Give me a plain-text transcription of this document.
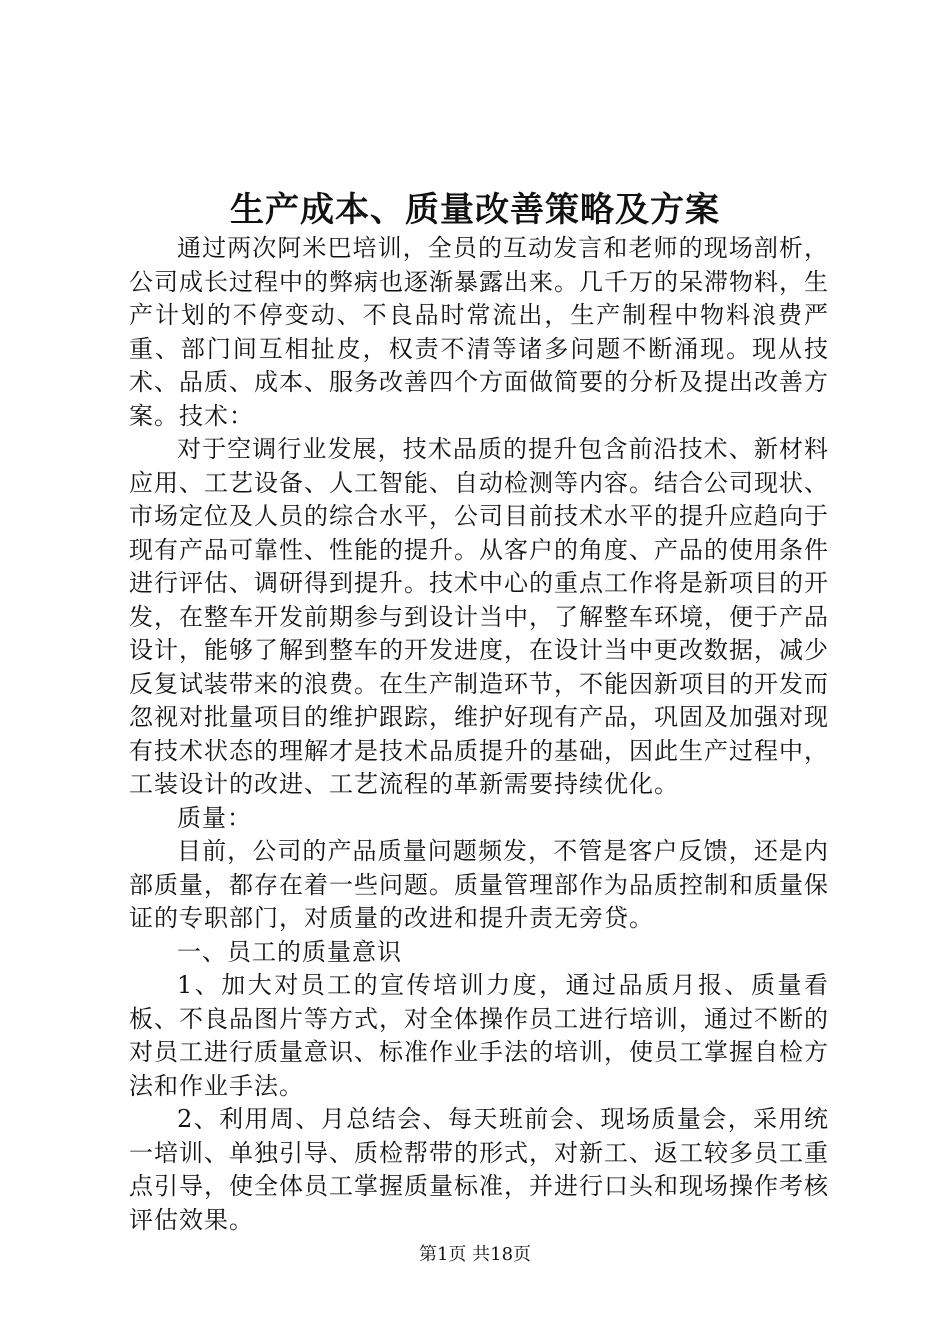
生产成本、质量改善策略及方案

通过两次阿米巴培训，全员的互动发言和老师的现场剖析，公司成长过程中的弊病也逐渐暴露出来。几千万的呆滞物料，生产计划的不停变动、不良品时常流出，生产制程中物料浪费严重、部门间互相扯皮，权责不清等诸多问题不断涌现。现从技术、品质、成本、服务改善四个方面做简要的分析及提出改善方案。技术：

对于空调行业发展，技术品质的提升包含前沿技术、新材料应用、工艺设备、人工智能、自动检测等内容。结合公司现状、市场定位及人员的综合水平，公司目前技术水平的提升应趋向于现有产品可靠性、性能的提升。从客户的角度、产品的使用条件进行评估、调研得到提升。技术中心的重点工作将是新项目的开发，在整车开发前期参与到设计当中，了解整车环境，便于产品设计，能够了解到整车的开发进度，在设计当中更改数据，减少反复试装带来的浪费。在生产制造环节，不能因新项目的开发而忽视对批量项目的维护跟踪，维护好现有产品，巩固及加强对现有技术状态的理解才是技术品质提升的基础，因此生产过程中，工装设计的改进、工艺流程的革新需要持续优化。

质量：

目前，公司的产品质量问题频发，不管是客户反馈，还是内部质量，都存在着一些问题。质量管理部作为品质控制和质量保证的专职部门，对质量的改进和提升责无旁贷。

一、员工的质量意识

1、加大对员工的宣传培训力度，通过品质月报、质量看板、不良品图片等方式，对全体操作员工进行培训，通过不断的对员工进行质量意识、标准作业手法的培训，使员工掌握自检方法和作业手法。

2、利用周、月总结会、每天班前会、现场质量会，采用统一培训、单独引导、质检帮带的形式，对新工、返工较多员工重点引导，使全体员工掌握质量标准，并进行口头和现场操作考核评估效果。

第1页 共18页
